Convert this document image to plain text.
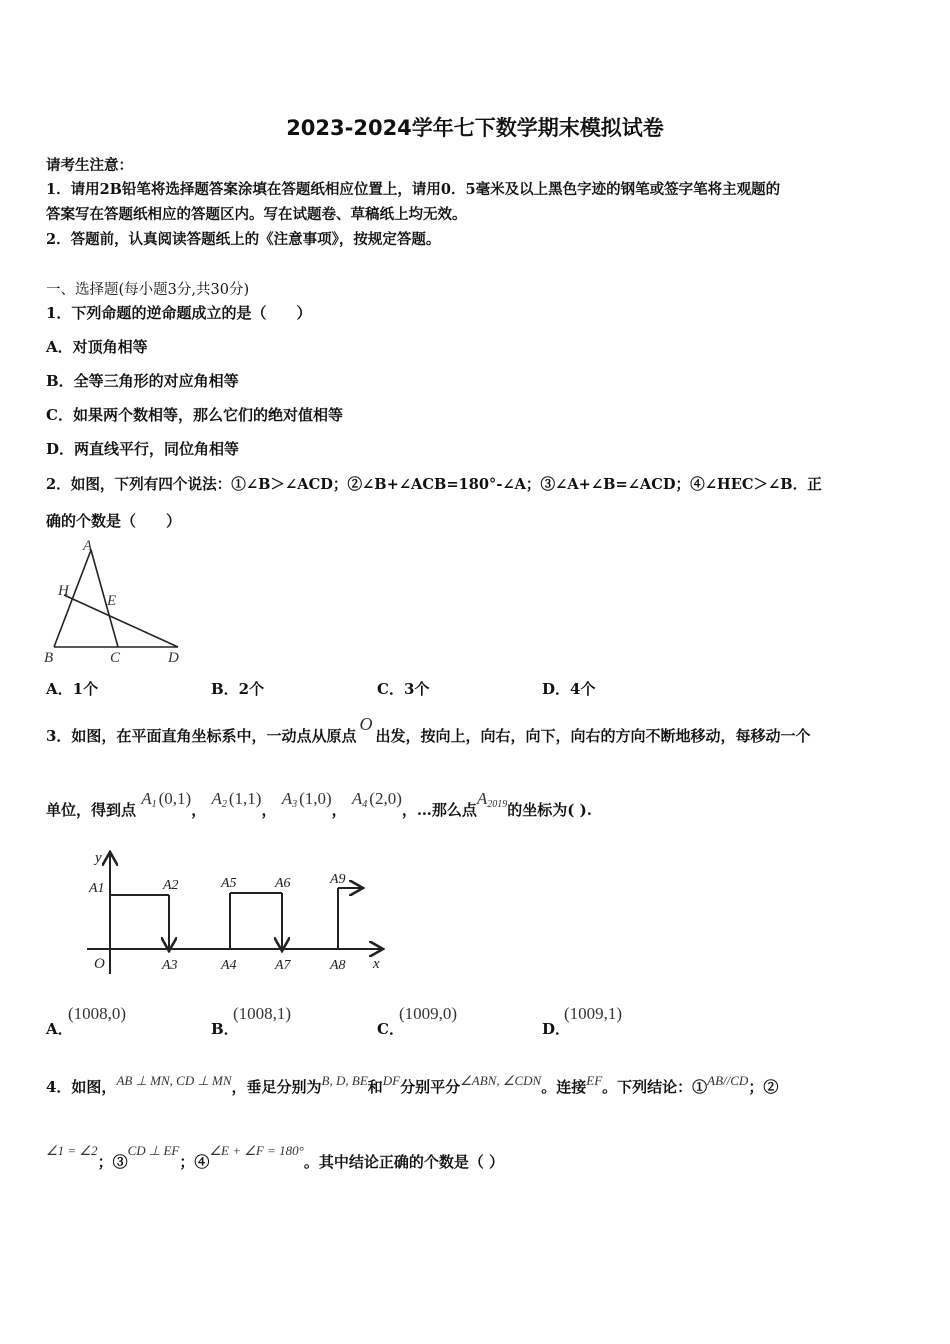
2023-2024学年七下数学期末模拟试卷
请考生注意：
1．请用2B铅笔将选择题答案涂填在答题纸相应位置上，请用0．5毫米及以上黑色字迹的钢笔或签字笔将主观题的
答案写在答题纸相应的答题区内。写在试题卷、草稿纸上均无效。
2．答题前，认真阅读答题纸上的《注意事项》，按规定答题。
一、选择题(每小题3分,共30分)
1．下列命题的逆命题成立的是（　　）
A．对顶角相等
B．全等三角形的对应角相等
C．如果两个数相等，那么它们的绝对值相等
D．两直线平行，同位角相等
2．如图，下列有四个说法：①∠B＞∠ACD；②∠B+∠ACB=180°-∠A；③∠A+∠B=∠ACD；④∠HEC＞∠B．正
确的个数是（　　）
A
H
E
B	C	D
A．1个	B．2个	C．3个	D．4个
3．如图，在平面直角坐标系中，一动点从原点O出发，按向上，向右，向下，向右的方向不断地移动，每移动一个
单位，得到点 $A_1$ (0,1)， $A_2$ (1,1)， $A_3$ (1,0)， $A_4$ (2,0)，…那么点$A_{2019}$的坐标为( ).
y
x
O
A1	A2
A3	A4
A5	A6
A7	A8
A9
A．
(1008,0)
B．
(1008,1)
C．
(1009,0)
D．
(1009,1)
4．如图，AB ⊥ MN, CD ⊥ MN，垂足分别为B, D, BE和DF分别平分∠ABN, ∠CDN。连接EF。下列结论：①AB//CD；②
∠1 = ∠2；③CD ⊥ EF；④∠E + ∠F = 180°。其中结论正确的个数是（ ）
